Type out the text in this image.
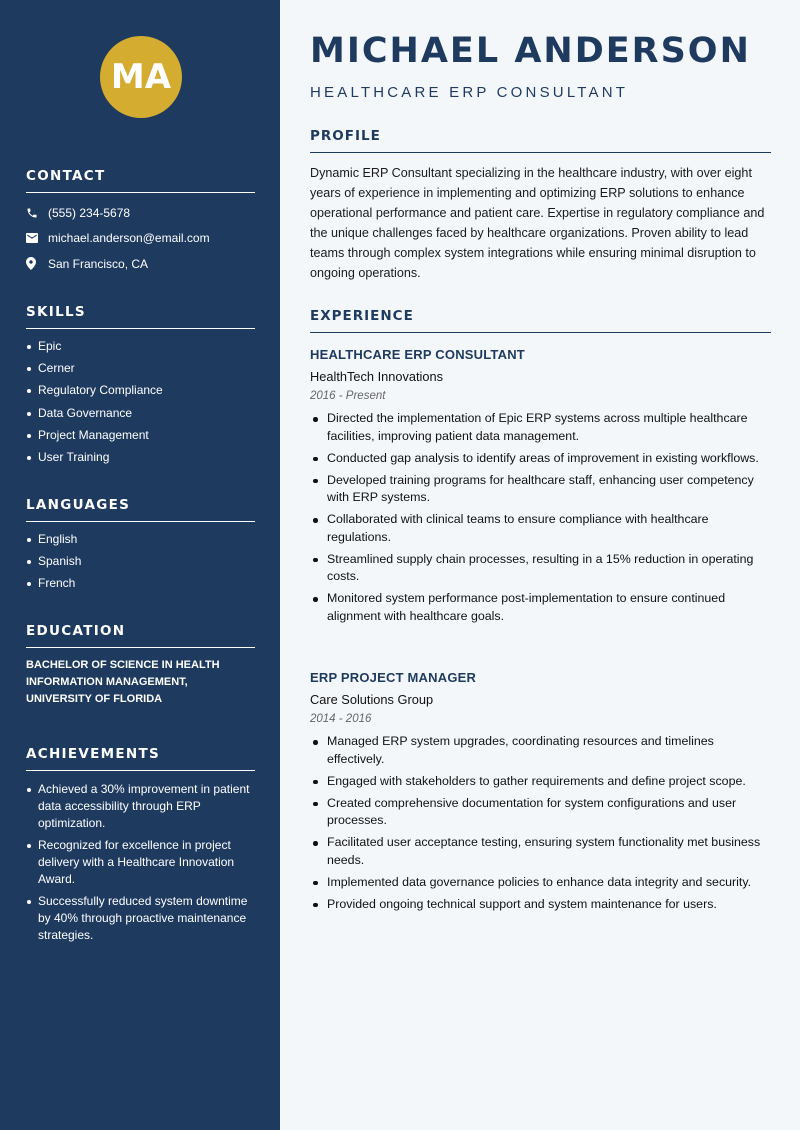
MA
CONTACT
(555) 234-5678
michael.anderson@email.com
San Francisco, CA
SKILLS
Epic
Cerner
Regulatory Compliance
Data Governance
Project Management
User Training
LANGUAGES
English
Spanish
French
EDUCATION
BACHELOR OF SCIENCE IN HEALTH INFORMATION MANAGEMENT, UNIVERSITY OF FLORIDA
ACHIEVEMENTS
Achieved a 30% improvement in patient data accessibility through ERP optimization.
Recognized for excellence in project delivery with a Healthcare Innovation Award.
Successfully reduced system downtime by 40% through proactive maintenance strategies.
MICHAEL ANDERSON
HEALTHCARE ERP CONSULTANT
PROFILE
Dynamic ERP Consultant specializing in the healthcare industry, with over eight years of experience in implementing and optimizing ERP solutions to enhance operational performance and patient care. Expertise in regulatory compliance and the unique challenges faced by healthcare organizations. Proven ability to lead teams through complex system integrations while ensuring minimal disruption to ongoing operations.
EXPERIENCE
HEALTHCARE ERP CONSULTANT
HealthTech Innovations
2016 - Present
Directed the implementation of Epic ERP systems across multiple healthcare facilities, improving patient data management.
Conducted gap analysis to identify areas of improvement in existing workflows.
Developed training programs for healthcare staff, enhancing user competency with ERP systems.
Collaborated with clinical teams to ensure compliance with healthcare regulations.
Streamlined supply chain processes, resulting in a 15% reduction in operating costs.
Monitored system performance post-implementation to ensure continued alignment with healthcare goals.
ERP PROJECT MANAGER
Care Solutions Group
2014 - 2016
Managed ERP system upgrades, coordinating resources and timelines effectively.
Engaged with stakeholders to gather requirements and define project scope.
Created comprehensive documentation for system configurations and user processes.
Facilitated user acceptance testing, ensuring system functionality met business needs.
Implemented data governance policies to enhance data integrity and security.
Provided ongoing technical support and system maintenance for users.
